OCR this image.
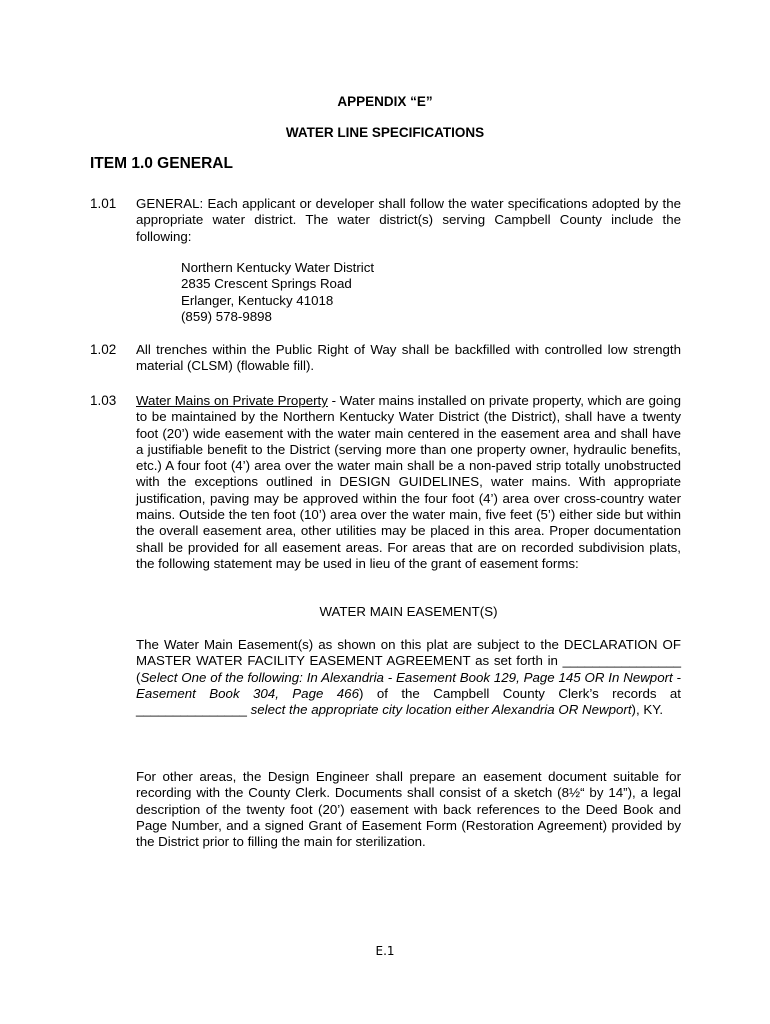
APPENDIX “E”
WATER LINE SPECIFICATIONS
ITEM 1.0 GENERAL
1.01 GENERAL: Each applicant or developer shall follow the water specifications adopted by the appropriate water district. The water district(s) serving Campbell County include the following:
Northern Kentucky Water District
2835 Crescent Springs Road
Erlanger, Kentucky 41018
(859) 578-9898
1.02 All trenches within the Public Right of Way shall be backfilled with controlled low strength material (CLSM) (flowable fill).
1.03 Water Mains on Private Property - Water mains installed on private property, which are going to be maintained by the Northern Kentucky Water District (the District), shall have a twenty foot (20’) wide easement with the water main centered in the easement area and shall have a justifiable benefit to the District (serving more than one property owner, hydraulic benefits, etc.) A four foot (4’) area over the water main shall be a non-paved strip totally unobstructed with the exceptions outlined in DESIGN GUIDELINES, water mains. With appropriate justification, paving may be approved within the four foot (4’) area over cross-country water mains. Outside the ten foot (10’) area over the water main, five feet (5’) either side but within the overall easement area, other utilities may be placed in this area. Proper documentation shall be provided for all easement areas. For areas that are on recorded subdivision plats, the following statement may be used in lieu of the grant of easement forms:
WATER MAIN EASEMENT(S)
The Water Main Easement(s) as shown on this plat are subject to the DECLARATION OF MASTER WATER FACILITY EASEMENT AGREEMENT as set forth in ________________ (Select One of the following: In Alexandria - Easement Book 129, Page 145 OR In Newport - Easement Book 304, Page 466) of the Campbell County Clerk’s records at _______________ select the appropriate city location either Alexandria OR Newport), KY.
For other areas, the Design Engineer shall prepare an easement document suitable for recording with the County Clerk. Documents shall consist of a sketch (8½“ by 14”), a legal description of the twenty foot (20’) easement with back references to the Deed Book and Page Number, and a signed Grant of Easement Form (Restoration Agreement) provided by the District prior to filling the main for sterilization.
E.1
